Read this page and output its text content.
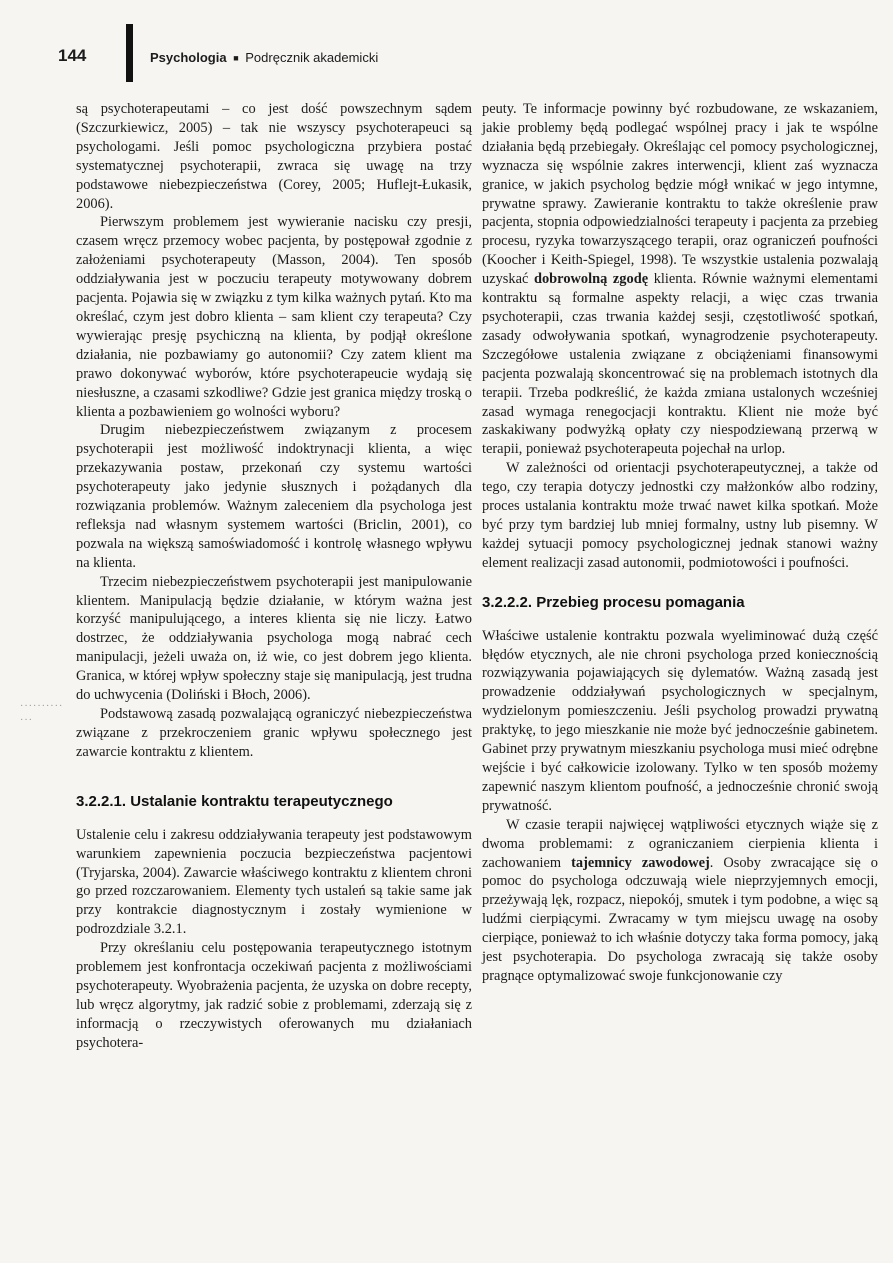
144	Psychologia ■ Podręcznik akademicki
··········
···

są psychoterapeutami – co jest dość powszechnym sądem (Szczurkiewicz, 2005) – tak nie wszyscy psychoterapeuci są psychologami. Jeśli pomoc psychologiczna przybiera postać systematycznej psychoterapii, zwraca się uwagę na trzy podstawowe niebezpieczeństwa (Corey, 2005; Huflejt-Łukasik, 2006).

Pierwszym problemem jest wywieranie nacisku czy presji, czasem wręcz przemocy wobec pacjenta, by postępował zgodnie z założeniami psychoterapeuty (Masson, 2004). Ten sposób oddziaływania jest w poczuciu terapeuty motywowany dobrem pacjenta. Pojawia się w związku z tym kilka ważnych pytań. Kto ma określać, czym jest dobro klienta – sam klient czy terapeuta? Czy wywierając presję psychiczną na klienta, by podjął określone działania, nie pozbawiamy go autonomii? Czy zatem klient ma prawo dokonywać wyborów, które psychoterapeucie wydają się niesłuszne, a czasami szkodliwe? Gdzie jest granica między troską o klienta a pozbawieniem go wolności wyboru?

Drugim niebezpieczeństwem związanym z procesem psychoterapii jest możliwość indoktrynacji klienta, a więc przekazywania postaw, przekonań czy systemu wartości psychoterapeuty jako jedynie słusznych i pożądanych dla rozwiązania problemów. Ważnym zaleceniem dla psychologa jest refleksja nad własnym systemem wartości (Briclin, 2001), co pozwala na większą samoświadomość i kontrolę własnego wpływu na klienta.

Trzecim niebezpieczeństwem psychoterapii jest manipulowanie klientem. Manipulacją będzie działanie, w którym ważna jest korzyść manipulującego, a interes klienta się nie liczy. Łatwo dostrzec, że oddziaływania psychologa mogą nabrać cech manipulacji, jeżeli uważa on, iż wie, co jest dobrem jego klienta. Granica, w której wpływ społeczny staje się manipulacją, jest trudna do uchwycenia (Doliński i Błoch, 2006).

Podstawową zasadą pozwalającą ograniczyć niebezpieczeństwa związane z przekroczeniem granic wpływu społecznego jest zawarcie kontraktu z klientem.

3.2.2.1. Ustalanie kontraktu terapeutycznego

Ustalenie celu i zakresu oddziaływania terapeuty jest podstawowym warunkiem zapewnienia poczucia bezpieczeństwa pacjentowi (Tryjarska, 2004). Zawarcie właściwego kontraktu z klientem chroni go przed rozczarowaniem. Elementy tych ustaleń są takie same jak przy kontrakcie diagnostycznym i zostały wymienione w podrozdziale 3.2.1.

Przy określaniu celu postępowania terapeutycznego istotnym problemem jest konfrontacja oczekiwań pacjenta z możliwościami psychoterapeuty. Wyobrażenia pacjenta, że uzyska on dobre recepty, lub wręcz algorytmy, jak radzić sobie z problemami, zderzają się z informacją o rzeczywistych oferowanych mu działaniach psychotera-

peuty. Te informacje powinny być rozbudowane, ze wskazaniem, jakie problemy będą podlegać wspólnej pracy i jak te wspólne działania będą przebiegały. Określając cel pomocy psychologicznej, wyznacza się wspólnie zakres interwencji, klient zaś wyznacza granice, w jakich psycholog będzie mógł wnikać w jego intymne, prywatne sprawy. Zawieranie kontraktu to także określenie praw pacjenta, stopnia odpowiedzialności terapeuty i pacjenta za przebieg procesu, ryzyka towarzyszącego terapii, oraz ograniczeń poufności (Koocher i Keith-Spiegel, 1998). Te wszystkie ustalenia pozwalają uzyskać dobrowolną zgodę klienta. Równie ważnymi elementami kontraktu są formalne aspekty relacji, a więc czas trwania psychoterapii, czas trwania każdej sesji, częstotliwość spotkań, zasady odwoływania spotkań, wynagrodzenie psychoterapeuty. Szczegółowe ustalenia związane z obciążeniami finansowymi pacjenta pozwalają skoncentrować się na problemach istotnych dla terapii. Trzeba podkreślić, że każda zmiana ustalonych wcześniej zasad wymaga renegocjacji kontraktu. Klient nie może być zaskakiwany podwyżką opłaty czy niespodziewaną przerwą w terapii, ponieważ psychoterapeuta pojechał na urlop.

W zależności od orientacji psychoterapeutycznej, a także od tego, czy terapia dotyczy jednostki czy małżonków albo rodziny, proces ustalania kontraktu może trwać nawet kilka spotkań. Może być przy tym bardziej lub mniej formalny, ustny lub pisemny. W każdej sytuacji pomocy psychologicznej jednak stanowi ważny element realizacji zasad autonomii, podmiotowości i poufności.

3.2.2.2. Przebieg procesu pomagania

Właściwe ustalenie kontraktu pozwala wyeliminować dużą część błędów etycznych, ale nie chroni psychologa przed koniecznością rozwiązywania pojawiających się dylematów. Ważną zasadą jest prowadzenie oddziaływań psychologicznych w specjalnym, wydzielonym pomieszczeniu. Jeśli psycholog prowadzi prywatną praktykę, to jego mieszkanie nie może być jednocześnie gabinetem. Gabinet przy prywatnym mieszkaniu psychologa musi mieć odrębne wejście i być całkowicie izolowany. Tylko w ten sposób możemy zapewnić naszym klientom poufność, a jednocześnie chronić swoją prywatność.

W czasie terapii najwięcej wątpliwości etycznych wiąże się z dwoma problemami: z ograniczaniem cierpienia klienta i zachowaniem tajemnicy zawodowej. Osoby zwracające się o pomoc do psychologa odczuwają wiele nieprzyjemnych emocji, przeżywają lęk, rozpacz, niepokój, smutek i tym podobne, a więc są ludźmi cierpiącymi. Zwracamy w tym miejscu uwagę na osoby cierpiące, ponieważ to ich właśnie dotyczy taka forma pomocy, jaką jest psychoterapia. Do psychologa zwracają się także osoby pragnące optymalizować swoje funkcjonowanie czy
